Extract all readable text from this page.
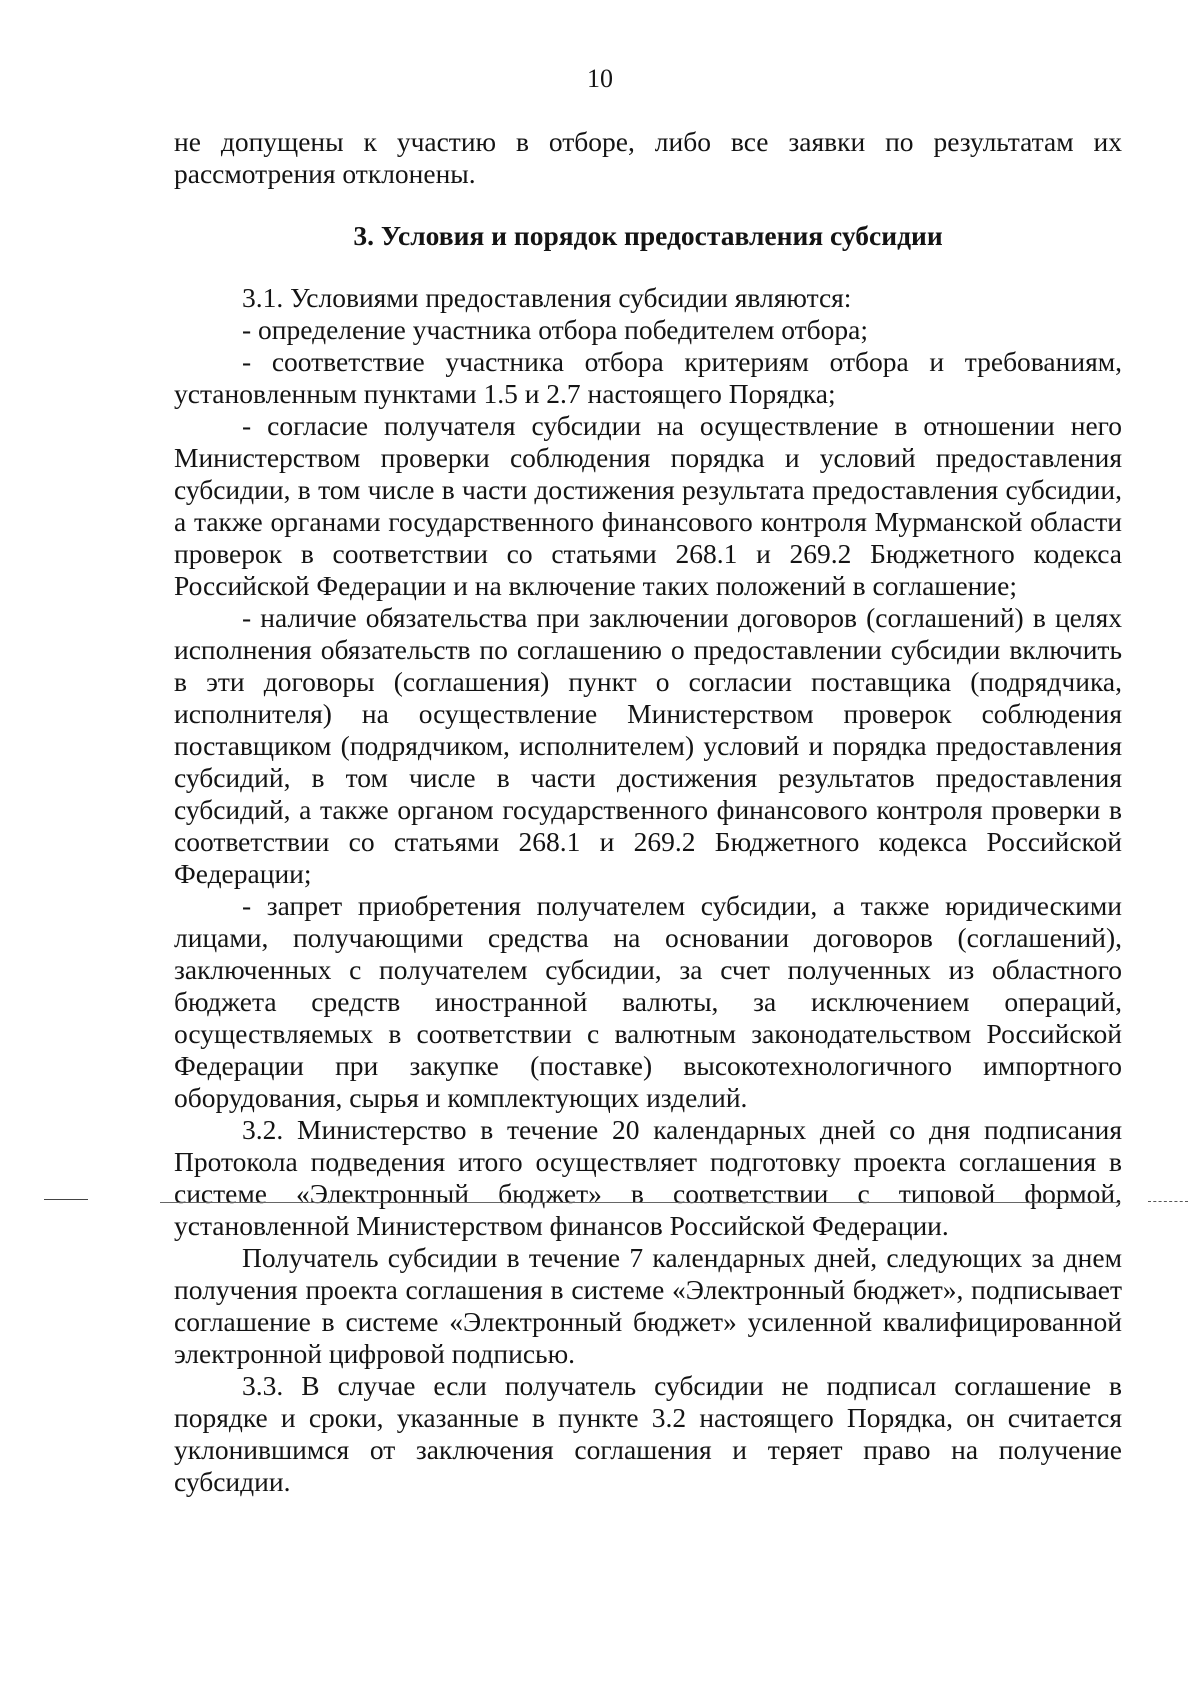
10

не допущены к участию в отборе, либо все заявки по результатам их рассмотрения отклонены.

3. Условия и порядок предоставления субсидии

3.1. Условиями предоставления субсидии являются:

- определение участника отбора победителем отбора;

- соответствие участника отбора критериям отбора и требованиям, установленным пунктами 1.5 и 2.7 настоящего Порядка;

- согласие получателя субсидии на осуществление в отношении него Министерством проверки соблюдения порядка и условий предоставления субсидии, в том числе в части достижения результата предоставления субсидии, а также органами государственного финансового контроля Мурманской области проверок в соответствии со статьями 268.1 и 269.2 Бюджетного кодекса Российской Федерации и на включение таких положений в соглашение;

- наличие обязательства при заключении договоров (соглашений) в целях исполнения обязательств по соглашению о предоставлении субсидии включить в эти договоры (соглашения) пункт о согласии поставщика (подрядчика, исполнителя) на осуществление Министерством проверок соблюдения поставщиком (подрядчиком, исполнителем) условий и порядка предоставления субсидий, в том числе в части достижения результатов предоставления субсидий, а также органом государственного финансового контроля проверки в соответствии со статьями 268.1 и 269.2 Бюджетного кодекса Российской Федерации;

- запрет приобретения получателем субсидии, а также юридическими лицами, получающими средства на основании договоров (соглашений), заключенных с получателем субсидии, за счет полученных из областного бюджета средств иностранной валюты, за исключением операций, осуществляемых в соответствии с валютным законодательством Российской Федерации при закупке (поставке) высокотехнологичного импортного оборудования, сырья и комплектующих изделий.

3.2. Министерство в течение 20 календарных дней со дня подписания Протокола подведения итого осуществляет подготовку проекта соглашения в системе «Электронный бюджет» в соответствии с типовой формой, установленной Министерством финансов Российской Федерации.

Получатель субсидии в течение 7 календарных дней, следующих за днем получения проекта соглашения в системе «Электронный бюджет», подписывает соглашение в системе «Электронный бюджет» усиленной квалифицированной электронной цифровой подписью.

3.3. В случае если получатель субсидии не подписал соглашение в порядке и сроки, указанные в пункте 3.2 настоящего Порядка, он считается уклонившимся от заключения соглашения и теряет право на получение субсидии.
